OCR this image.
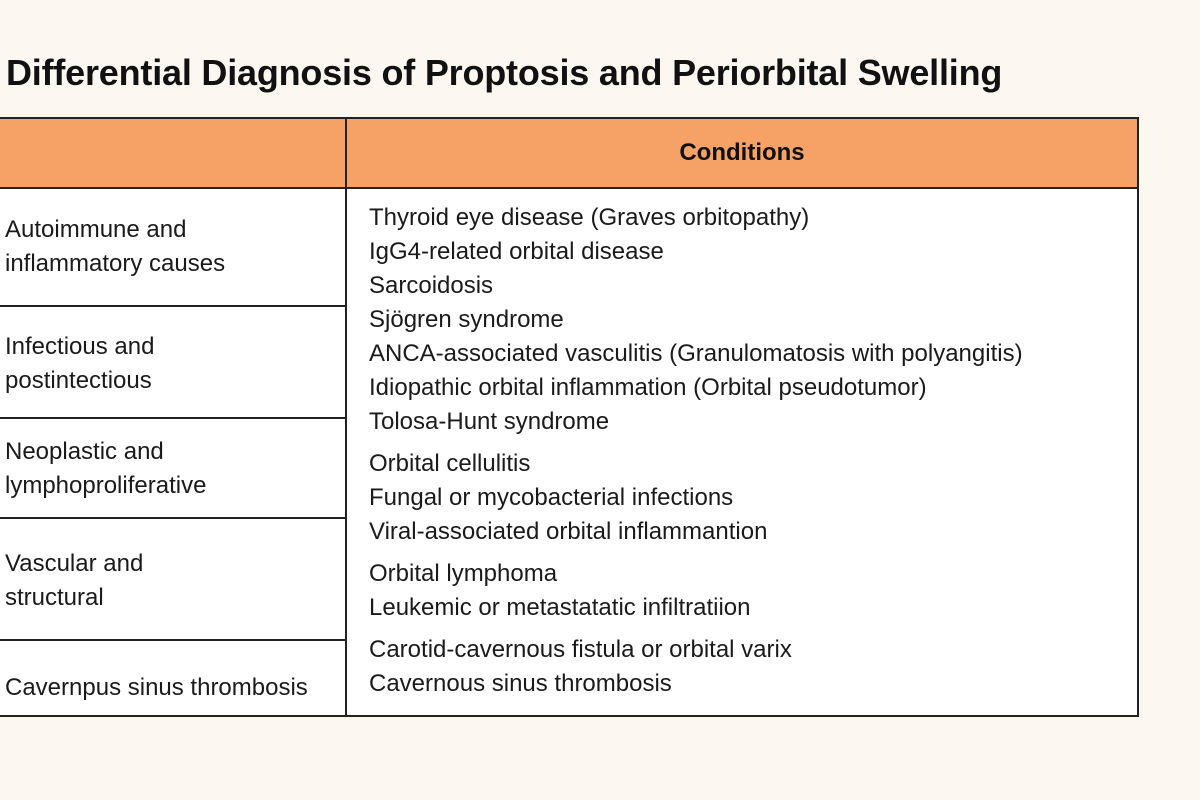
Differential Diagnosis of Proptosis and Periorbital Swelling
Conditions
Autoimmune and
inflammatory causes
Infectious and
postintectious
Neoplastic and
lymphoproliferative
Vascular and
structural
Cavernpus sinus thrombosis
Thyroid eye disease (Graves orbitopathy)
IgG4-related orbital disease
Sarcoidosis
Sjögren syndrome
ANCA-associated vasculitis (Granulomatosis with polyangitis)
Idiopathic orbital inflammation (Orbital pseudotumor)
Tolosa-Hunt syndrome
Orbital cellulitis
Fungal or mycobacterial infections
Viral-associated orbital inflammantion
Orbital lymphoma
Leukemic or metastatatic infiltratiion
Carotid-cavernous fistula or orbital varix
Cavernous sinus thrombosis
